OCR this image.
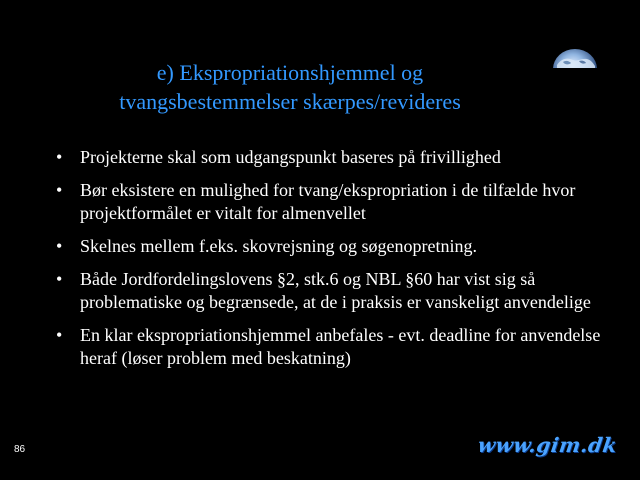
e) Ekspropriationshjemmel og
tvangsbestemmelser skærpes/revideres
• Projekterne skal som udgangspunkt baseres på frivillighed
• Bør eksistere en mulighed for tvang/ekspropriation i de tilfælde hvor projektformålet er vitalt for almenvellet
• Skelnes mellem f.eks. skovrejsning og søgenopretning.
• Både Jordfordelingslovens §2, stk.6 og NBL §60 har vist sig så problematiske og begrænsede, at de i praksis er vanskeligt anvendelige
• En klar ekspropriationshjemmel anbefales - evt. deadline for anvendelse heraf (løser problem med beskatning)
86	www.gim.dk
